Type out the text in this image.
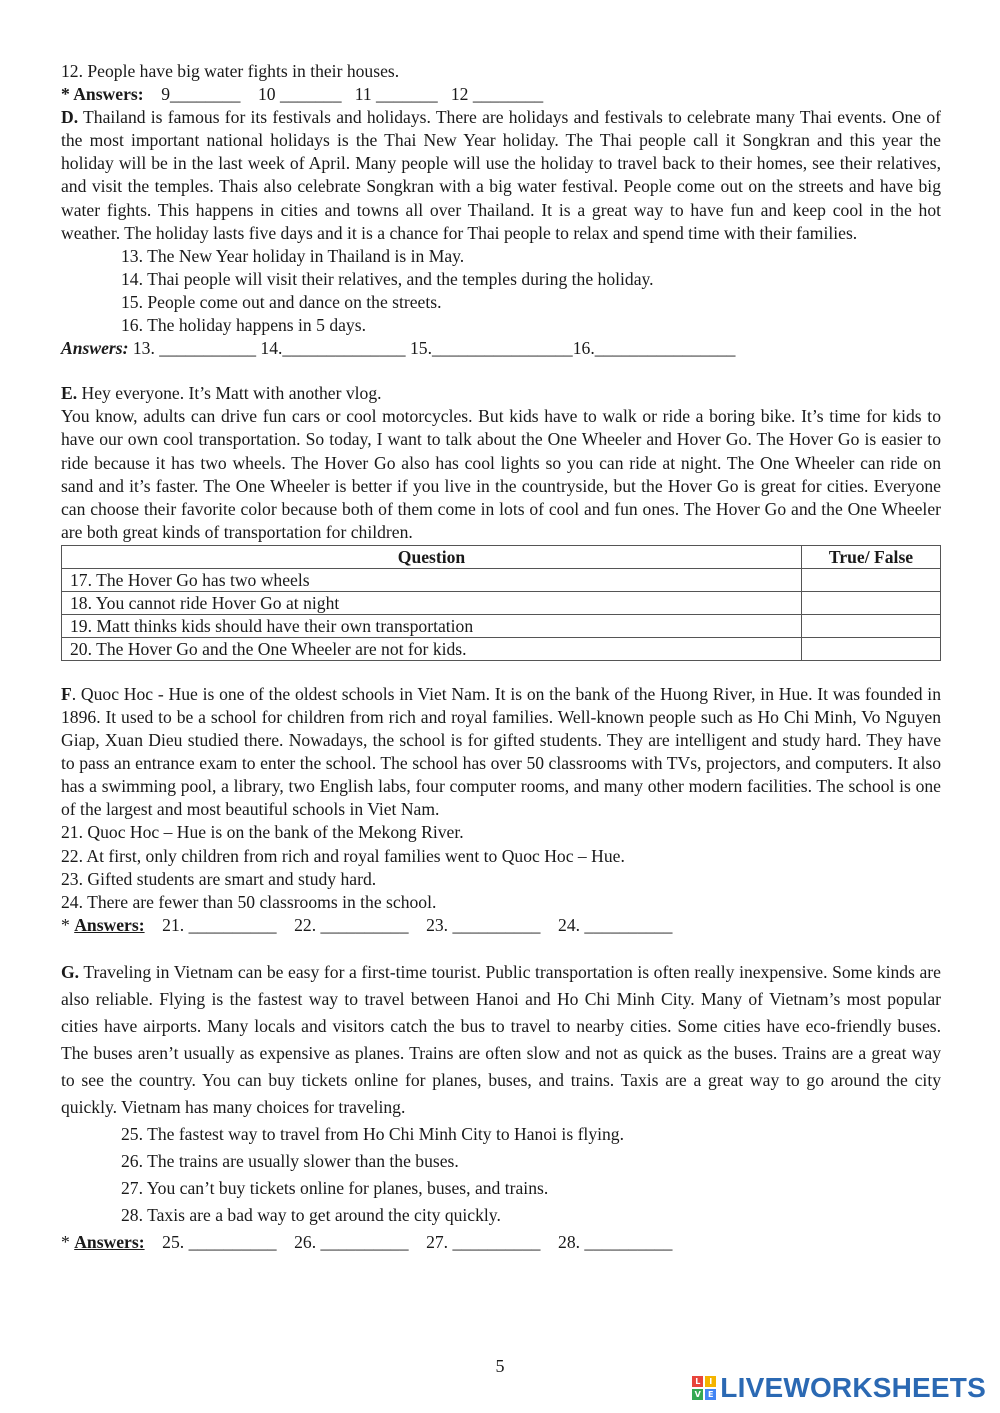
12. People have big water fights in their houses.

* Answers: 9________    10 _______   11 _______   12 ________

D. Thailand is famous for its festivals and holidays. There are holidays and festivals to celebrate many Thai events. One of the most important national holidays is the Thai New Year holiday. The Thai people call it Songkran and this year the holiday will be in the last week of April. Many people will use the holiday to travel back to their homes, see their relatives, and visit the temples. Thais also celebrate Songkran with a big water festival. People come out on the streets and have big water fights. This happens in cities and towns all over Thailand. It is a great way to have fun and keep cool in the hot weather. The holiday lasts five days and it is a chance for Thai people to relax and spend time with their families.

13. The New Year holiday in Thailand is in May.

14. Thai people will visit their relatives, and the temples during the holiday.

15. People come out and dance on the streets.

16. The holiday happens in 5 days.

Answers: 13. ___________ 14.______________ 15.________________16.________________

E. Hey everyone. It’s Matt with another vlog.

You know, adults can drive fun cars or cool motorcycles. But kids have to walk or ride a boring bike. It’s time for kids to have our own cool transportation. So today, I want to talk about the One Wheeler and Hover Go. The Hover Go is easier to ride because it has two wheels. The Hover Go also has cool lights so you can ride at night. The One Wheeler can ride on sand and it’s faster. The One Wheeler is better if you live in the countryside, but the Hover Go is great for cities. Everyone can choose their favorite color because both of them come in lots of cool and fun ones. The Hover Go and the One Wheeler are both great kinds of transportation for children.

Question	True/ False
17. The Hover Go has two wheels	
18. You cannot ride Hover Go at night	
19. Matt thinks kids should have their own transportation	
20. The Hover Go and the One Wheeler are not for kids.	

F. Quoc Hoc - Hue is one of the oldest schools in Viet Nam. It is on the bank of the Huong River, in Hue. It was founded in 1896. It used to be a school for children from rich and royal families. Well-known people such as Ho Chi Minh, Vo Nguyen Giap, Xuan Dieu studied there. Nowadays, the school is for gifted students. They are intelligent and study hard. They have to pass an entrance exam to enter the school. The school has over 50 classrooms with TVs, projectors, and computers. It also has a swimming pool, a library, two English labs, four computer rooms, and many other modern facilities. The school is one of the largest and most beautiful schools in Viet Nam.

21. Quoc Hoc – Hue is on the bank of the Mekong River.

22. At first, only children from rich and royal families went to Quoc Hoc – Hue.

23. Gifted students are smart and study hard.

24. There are fewer than 50 classrooms in the school.

* Answers:    21. __________    22. __________    23. __________    24. __________

G. Traveling in Vietnam can be easy for a first-time tourist. Public transportation is often really inexpensive. Some kinds are also reliable. Flying is the fastest way to travel between Hanoi and Ho Chi Minh City. Many of Vietnam’s most popular cities have airports. Many locals and visitors catch the bus to travel to nearby cities. Some cities have eco-friendly buses. The buses aren’t usually as expensive as planes. Trains are often slow and not as quick as the buses. Trains are a great way to see the country. You can buy tickets online for planes, buses, and trains. Taxis are a great way to go around the city quickly. Vietnam has many choices for traveling.

25. The fastest way to travel from Ho Chi Minh City to Hanoi is flying.

26. The trains are usually slower than the buses.

27. You can’t buy tickets online for planes, buses, and trains.

28. Taxis are a bad way to get around the city quickly.

* Answers:    25. __________    26. __________    27. __________    28. __________

5
L	I
V E LIVEWORKSHEETS
